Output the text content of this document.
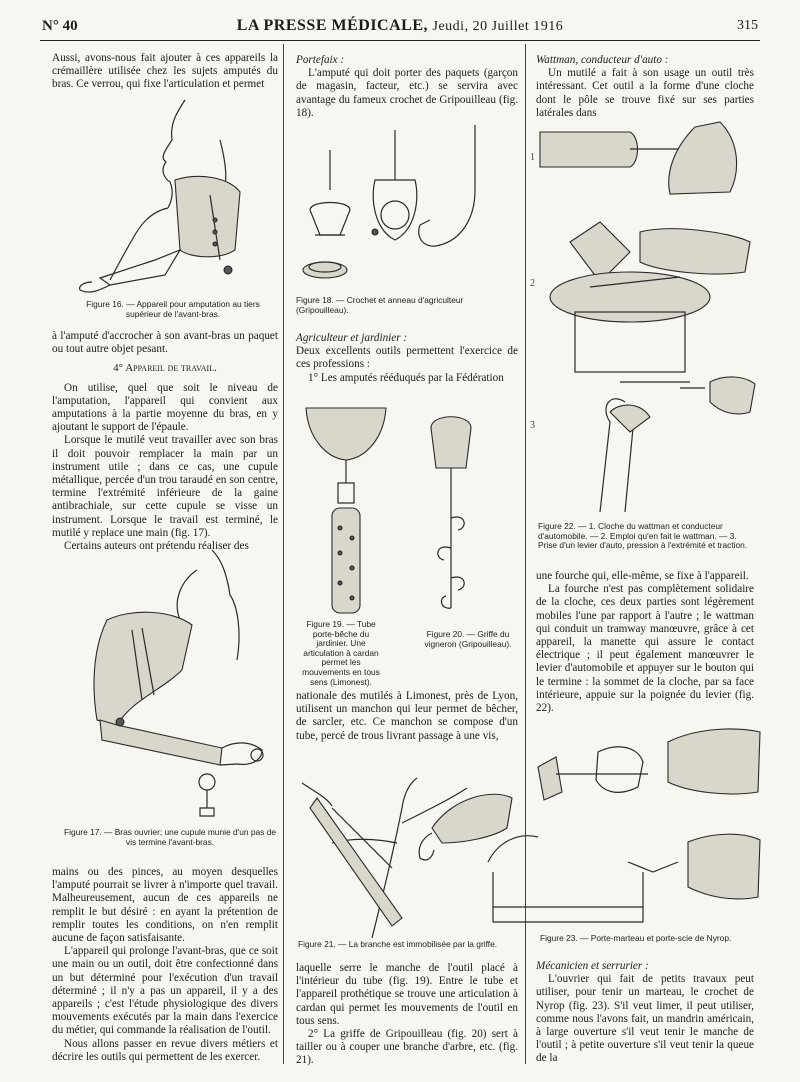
N° 40	LA PRESSE MÉDICALE, Jeudi, 20 Juillet 1916	315

Aussi, avons-nous fait ajouter à ces appareils la crémaillère utilisée chez les sujets amputés du bras. Ce verrou, qui fixe l'articulation et permet

Figure 16. — Appareil pour amputation au tiers supérieur de l'avant-bras.

à l'amputé d'accrocher à son avant-bras un paquet ou tout autre objet pesant.

4° Appareil de travail.

On utilise, quel que soit le niveau de l'amputation, l'appareil qui convient aux amputations à la partie moyenne du bras, en y ajoutant le support de l'épaule.

Lorsque le mutilé veut travailler avec son bras il doit pouvoir remplacer la main par un instrument utile ; dans ce cas, une cupule métallique, percée d'un trou taraudé en son centre, termine l'extrémité inférieure de la gaine antibrachiale, sur cette cupule se visse un instrument. Lorsque le travail est terminé, le mutilé y replace une main (fig. 17).

Certains auteurs ont prétendu réaliser des

Figure 17. — Bras ouvrier; une cupule munie d'un pas de vis termine l'avant-bras.

mains ou des pinces, au moyen desquelles l'amputé pourrait se livrer à n'importe quel travail. Malheureusement, aucun de ces appareils ne remplit le but désiré : en ayant la prétention de remplir toutes les conditions, on n'en remplit aucune de façon satisfaisante.

L'appareil qui prolonge l'avant-bras, que ce soit une main ou un outil, doit être confectionné dans un but déterminé pour l'exécution d'un travail déterminé ; il n'y a pas un appareil, il y a des appareils ; c'est l'étude physiologique des divers mouvements exécutés par la main dans l'exercice du métier, qui commande la réalisation de l'outil.

Nous allons passer en revue divers métiers et décrire les outils qui permettent de les exercer.

Portefaix :

L'amputé qui doit porter des paquets (garçon de magasin, facteur, etc.) se servira avec avantage du fameux crochet de Gripouilleau (fig. 18).

Figure 18. — Crochet et anneau d'agriculteur (Gripouilleau).

Agriculteur et jardinier :

Deux excellents outils permettent l'exercice de ces professions :

1° Les amputés rééduqués par la Fédération

Figure 19. — Tube porte-bêche du jardinier. Une articulation à cardan permet les mouvements en tous sens (Limonest).
Figure 20. — Griffe du vigneron (Gripouilleau).

nationale des mutilés à Limonest, près de Lyon, utilisent un manchon qui leur permet de bêcher, de sarcler, etc. Ce manchon se compose d'un tube, percé de trous livrant passage à une vis,

Figure 21. — La branche est immobilisée par la griffe.

laquelle serre le manche de l'outil placé à l'intérieur du tube (fig. 19). Entre le tube et l'appareil prothétique se trouve une articulation à cardan qui permet les mouvements de l'outil en tous sens.

2° La griffe de Gripouilleau (fig. 20) sert à tailler ou à couper une branche d'arbre, etc. (fig. 21).

Wattman, conducteur d'auto :

Un mutilé a fait à son usage un outil très intéressant. Cet outil a la forme d'une cloche dont le pôle se trouve fixé sur ses parties latérales dans

1
2
3
Figure 22. — 1. Cloche du wattman et conducteur d'automobile. — 2. Emploi qu'en fait le wattman. — 3. Prise d'un levier d'auto, pression à l'extrémité et traction.

une fourche qui, elle-même, se fixe à l'appareil.

La fourche n'est pas complètement solidaire de la cloche, ces deux parties sont légèrement mobiles l'une par rapport à l'autre ; le wattman qui conduit un tramway manœuvre, grâce à cet appareil, la manette qui assure le contact électrique ; il peut également manœuvrer le levier d'automobile et appuyer sur le bouton qui le termine : la sommet de la cloche, par sa face intérieure, appuie sur la poignée du levier (fig. 22).

Figure 23. — Porte-marteau et porte-scie de Nyrop.

Mécanicien et serrurier :

L'ouvrier qui fait de petits travaux peut utiliser, pour tenir un marteau, le crochet de Nyrop (fig. 23). S'il veut limer, il peut utiliser, comme nous l'avons fait, un mandrin américain, à large ouverture s'il veut tenir le manche de l'outil ; à petite ouverture s'il veut tenir la queue de la
